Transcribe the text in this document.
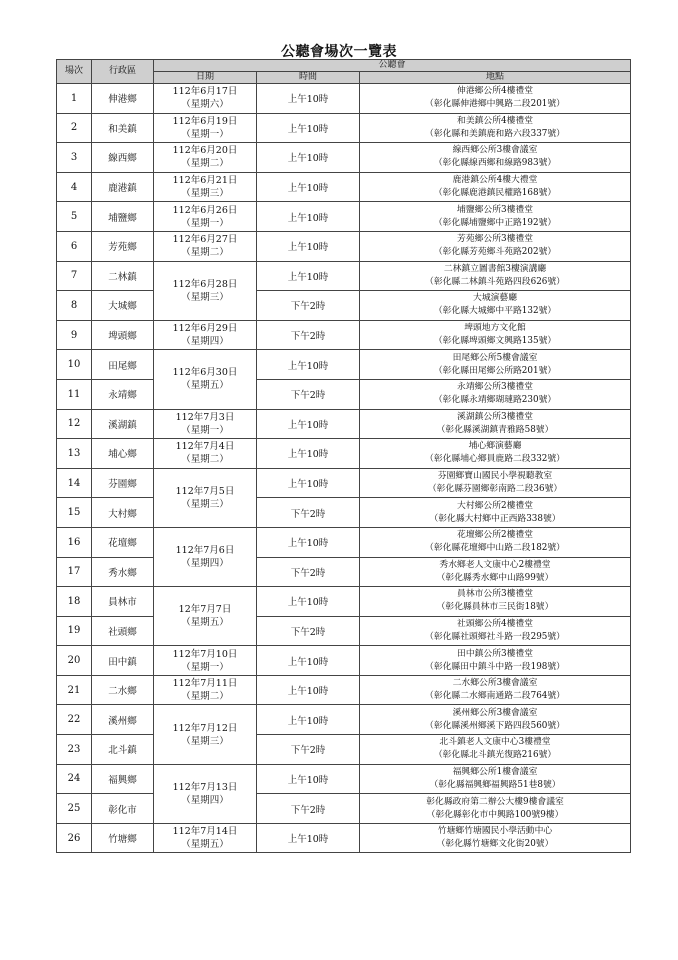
公聽會場次一覽表
場次	行政區	公聽會		
		日期	時間	地點
1	伸港鄉	112年6月17日
（星期六）	上午10時	伸港鄉公所4樓禮堂
（彰化縣伸港鄉中興路二段201號）

2	和美鎮	112年6月19日
（星期一）	上午10時	和美鎮公所4樓禮堂
（彰化縣和美鎮鹿和路六段337號）

3	線西鄉	112年6月20日
（星期二）	上午10時	線西鄉公所3樓會議室
（彰化縣線西鄉和線路983號）

4	鹿港鎮	112年6月21日
（星期三）	上午10時	鹿港鎮公所4樓大禮堂
（彰化縣鹿港鎮民權路168號）

5	埔鹽鄉	112年6月26日
（星期一）	上午10時	埔鹽鄉公所3樓禮堂
（彰化縣埔鹽鄉中正路192號）

6	芳苑鄉	112年6月27日
（星期二）	上午10時	芳苑鄉公所3樓禮堂
（彰化縣芳苑鄉斗苑路202號）

7	二林鎮	112年6月28日
（星期三）	上午10時	二林鎮立圖書館3樓演講廳
（彰化縣二林鎮斗苑路四段626號）

8	大城鄉		下午2時	大城演藝廳
（彰化縣大城鄉中平路132號）

9	埤頭鄉	112年6月29日
（星期四）	下午2時	埤頭地方文化館
（彰化縣埤頭鄉文興路135號）

10	田尾鄉	112年6月30日
（星期五）	上午10時	田尾鄉公所5樓會議室
（彰化縣田尾鄉公所路201號）

11	永靖鄉		下午2時	永靖鄉公所3樓禮堂
（彰化縣永靖鄉瑚璉路230號）

12	溪湖鎮	112年7月3日
（星期一）	上午10時	溪湖鎮公所3樓禮堂
（彰化縣溪湖鎮青雅路58號）

13	埔心鄉	112年7月4日
（星期二）	上午10時	埔心鄉演藝廳
（彰化縣埔心鄉員鹿路二段332號）

14	芬園鄉	112年7月5日
（星期三）	上午10時	芬園鄉寶山國民小學視聽教室
（彰化縣芬園鄉彰南路二段36號）

15	大村鄉		下午2時	大村鄉公所2樓禮堂
（彰化縣大村鄉中正西路338號）

16	花壇鄉	112年7月6日
（星期四）	上午10時	花壇鄉公所2樓禮堂
（彰化縣花壇鄉中山路二段182號）

17	秀水鄉		下午2時	秀水鄉老人文康中心2樓禮堂
（彰化縣秀水鄉中山路99號）

18	員林市	12年7月7日
（星期五）	上午10時	員林市公所3樓禮堂
（彰化縣員林市三民街18號）

19	社頭鄉		下午2時	社頭鄉公所4樓禮堂
（彰化縣社頭鄉社斗路一段295號）

20	田中鎮	112年7月10日
（星期一）	上午10時	田中鎮公所3樓禮堂
（彰化縣田中鎮斗中路一段198號）

21	二水鄉	112年7月11日
（星期二）	上午10時	二水鄉公所3樓會議室
（彰化縣二水鄉南通路二段764號）

22	溪州鄉	112年7月12日
（星期三）	上午10時	溪州鄉公所3樓會議室
（彰化縣溪州鄉溪下路四段560號）

23	北斗鎮		下午2時	北斗鎮老人文康中心3樓禮堂
（彰化縣北斗鎮光復路216號）

24	福興鄉	112年7月13日
（星期四）	上午10時	福興鄉公所1樓會議室
（彰化縣福興鄉福興路51巷8號）

25	彰化市		下午2時	彰化縣政府第二辦公大樓9樓會議室
（彰化縣彰化市中興路100號9樓）

26	竹塘鄉	112年7月14日
（星期五）	上午10時	竹塘鄉竹塘國民小學活動中心
（彰化縣竹塘鄉文化街20號）
